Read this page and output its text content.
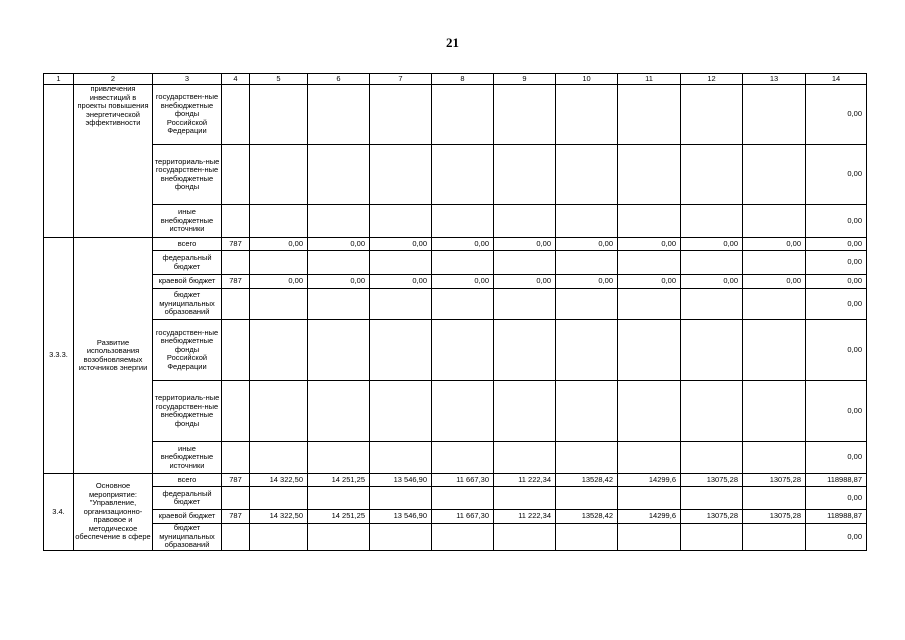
21
1	2	3	4	5	6	7	8	9	10	11	12	13	14
	привлечения инвестиций в проекты повышения энергетической эффективности	государствен-ные внебюджетные фонды Российской Федерации											0,00
		территориаль-ные государствен-ные внебюджетные фонды											0,00
		иные внебюджетные источники											0,00
3.3.3.	Развитие использования возобновляемых источников энергии	всего	787	0,00	0,00	0,00	0,00	0,00	0,00	0,00	0,00	0,00	0,00
		федеральный бюджет											0,00
		краевой бюджет	787	0,00	0,00	0,00	0,00	0,00	0,00	0,00	0,00	0,00	0,00
		бюджет муниципальных образований											0,00
		государствен-ные внебюджетные фонды Российской Федерации											0,00
		территориаль-ные государствен-ные внебюджетные фонды											0,00
		иные внебюджетные источники											0,00
3.4.	Основное мероприятие: "Управление, организационно-правовое и методическое обеспечение в сфере	всего	787	14 322,50	14 251,25	13 546,90	11 667,30	11 222,34	13528,42	14299,6	13075,28	13075,28	118988,87
		федеральный бюджет											0,00
		краевой бюджет	787	14 322,50	14 251,25	13 546,90	11 667,30	11 222,34	13528,42	14299,6	13075,28	13075,28	118988,87
		бюджет муниципальных образований											0,00
